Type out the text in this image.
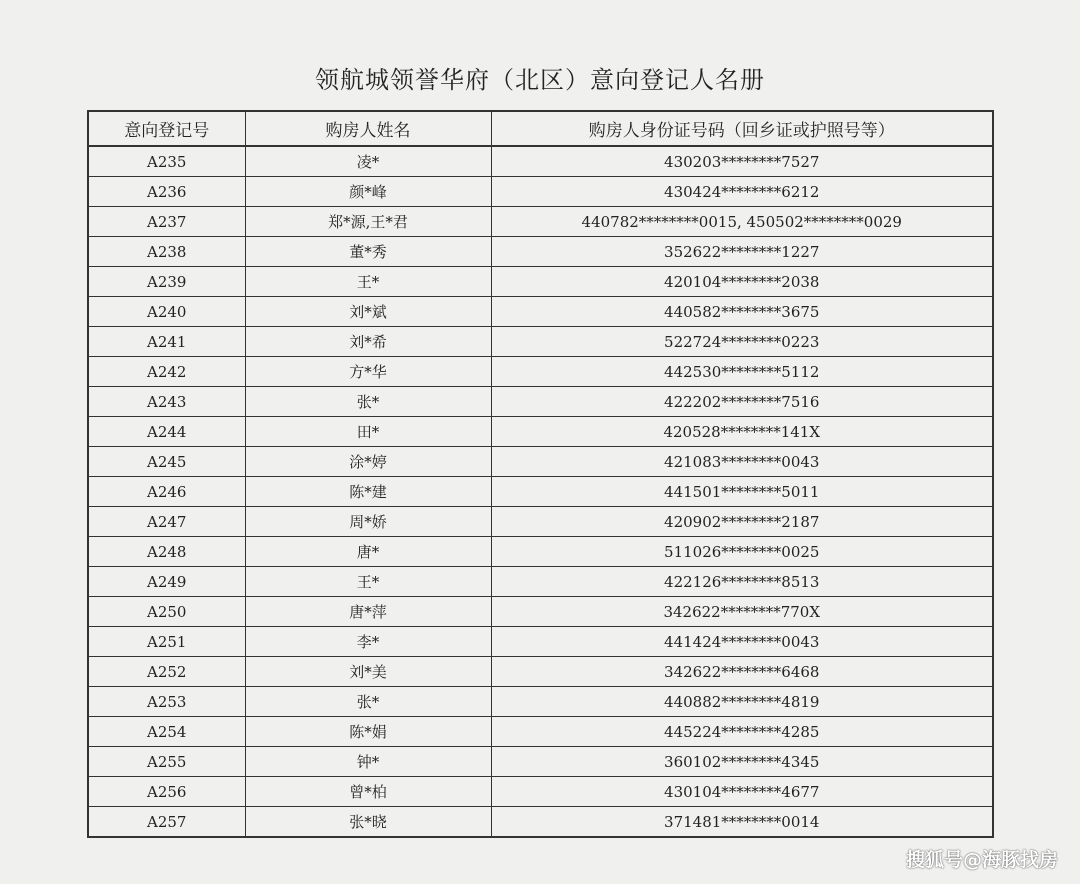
领航城领誉华府（北区）意向登记人名册
意向登记号	购房人姓名	购房人身份证号码（回乡证或护照号等）
A235	凌*	430203********7527
A236	颜*峰	430424********6212
A237	郑*源,王*君	440782********0015, 450502********0029
A238	董*秀	352622********1227
A239	王*	420104********2038
A240	刘*斌	440582********3675
A241	刘*希	522724********0223
A242	方*华	442530********5112
A243	张*	422202********7516
A244	田*	420528********141X
A245	涂*婷	421083********0043
A246	陈*建	441501********5011
A247	周*娇	420902********2187
A248	唐*	511026********0025
A249	王*	422126********8513
A250	唐*萍	342622********770X
A251	李*	441424********0043
A252	刘*美	342622********6468
A253	张*	440882********4819
A254	陈*娟	445224********4285
A255	钟*	360102********4345
A256	曾*柏	430104********4677
A257	张*晓	371481********0014
搜狐号@海豚找房
